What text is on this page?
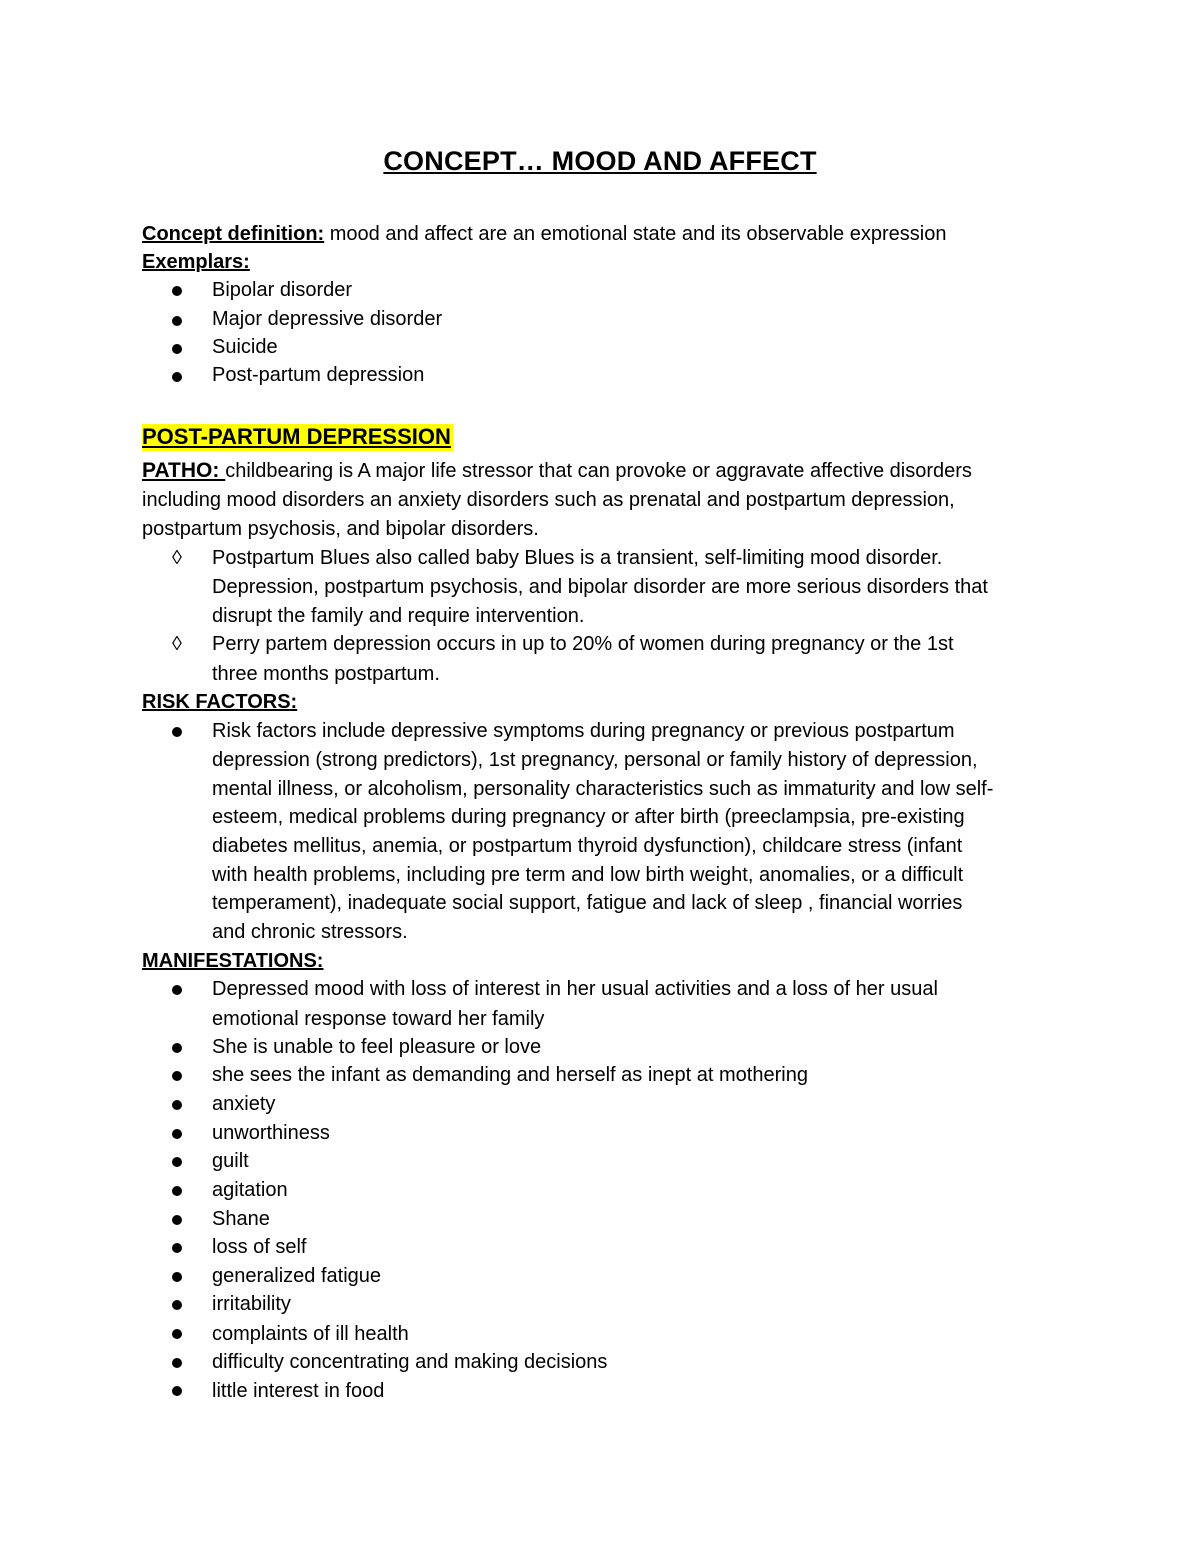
CONCEPT… MOOD AND AFFECT
Concept definition: mood and affect are an emotional state and its observable expression
Exemplars:
Bipolar disorder
Major depressive disorder
Suicide
Post-partum depression
POST-PARTUM DEPRESSION
PATHO: childbearing is A major life stressor that can provoke or aggravate affective disorders
including mood disorders an anxiety disorders such as prenatal and postpartum depression,
postpartum psychosis, and bipolar disorders.
◊ Postpartum Blues also called baby Blues is a transient, self-limiting mood disorder.
Depression, postpartum psychosis, and bipolar disorder are more serious disorders that
disrupt the family and require intervention.
◊ Perry partem depression occurs in up to 20% of women during pregnancy or the 1st
three months postpartum.
RISK FACTORS:
Risk factors include depressive symptoms during pregnancy or previous postpartum
depression (strong predictors), 1st pregnancy, personal or family history of depression,
mental illness, or alcoholism, personality characteristics such as immaturity and low self-
esteem, medical problems during pregnancy or after birth (preeclampsia, pre-existing
diabetes mellitus, anemia, or postpartum thyroid dysfunction), childcare stress (infant
with health problems, including pre term and low birth weight, anomalies, or a difficult
temperament), inadequate social support, fatigue and lack of sleep , financial worries
and chronic stressors.
MANIFESTATIONS:
Depressed mood with loss of interest in her usual activities and a loss of her usual
emotional response toward her family
She is unable to feel pleasure or love
she sees the infant as demanding and herself as inept at mothering
anxiety
unworthiness
guilt
agitation
Shane
loss of self
generalized fatigue
irritability
complaints of ill health
difficulty concentrating and making decisions
little interest in food
